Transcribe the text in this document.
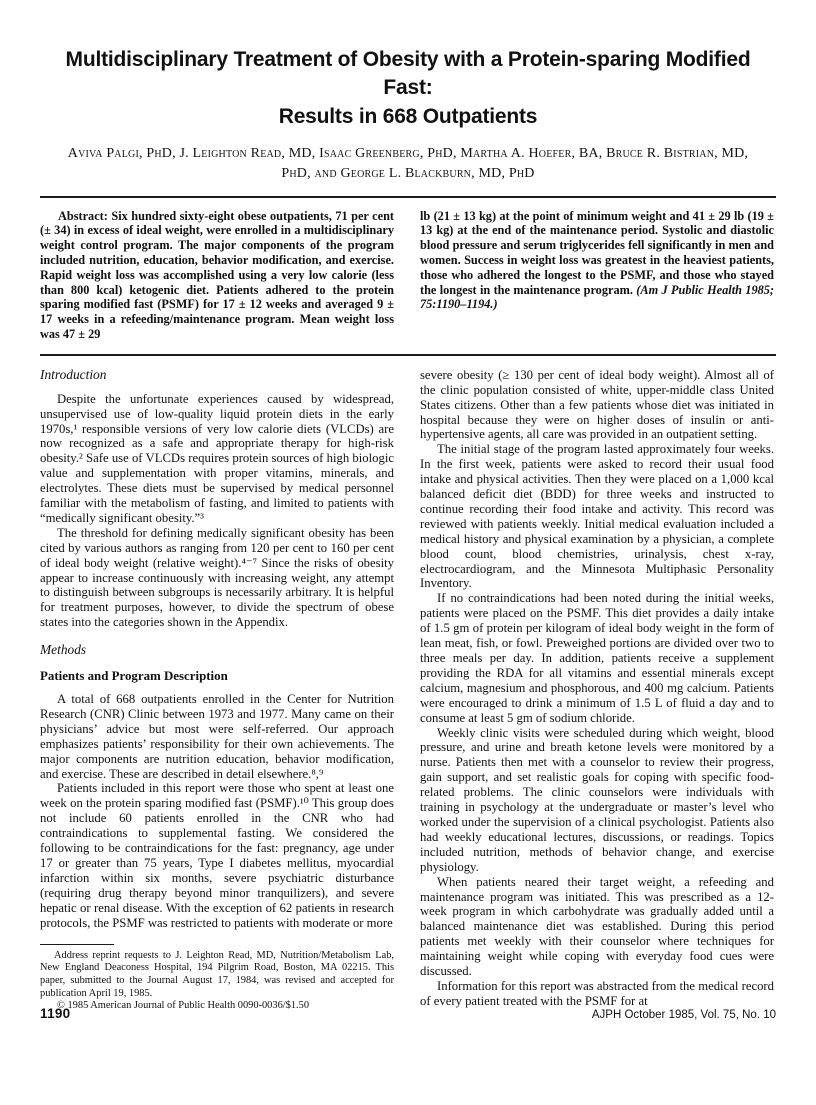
Multidisciplinary Treatment of Obesity with a Protein-sparing Modified Fast:
Results in 668 Outpatients
Aviva Palgi, PhD, J. Leighton Read, MD, Isaac Greenberg, PhD, Martha A. Hoefer, BA, Bruce R. Bistrian, MD, PhD, and George L. Blackburn, MD, PhD

Abstract: Six hundred sixty-eight obese outpatients, 71 per cent (± 34) in excess of ideal weight, were enrolled in a multidisciplinary weight control program. The major components of the program included nutrition, education, behavior modification, and exercise. Rapid weight loss was accomplished using a very low calorie (less than 800 kcal) ketogenic diet. Patients adhered to the protein sparing modified fast (PSMF) for 17 ± 12 weeks and averaged 9 ± 17 weeks in a refeeding/maintenance program. Mean weight loss was 47 ± 29

lb (21 ± 13 kg) at the point of minimum weight and 41 ± 29 lb (19 ± 13 kg) at the end of the maintenance period. Systolic and diastolic blood pressure and serum triglycerides fell significantly in men and women. Success in weight loss was greatest in the heaviest patients, those who adhered the longest to the PSMF, and those who stayed the longest in the maintenance program. (Am J Public Health 1985; 75:1190–1194.)

Introduction

Despite the unfortunate experiences caused by widespread, unsupervised use of low-quality liquid protein diets in the early 1970s,¹ responsible versions of very low calorie diets (VLCDs) are now recognized as a safe and appropriate therapy for high-risk obesity.² Safe use of VLCDs requires protein sources of high biologic value and supplementation with proper vitamins, minerals, and electrolytes. These diets must be supervised by medical personnel familiar with the metabolism of fasting, and limited to patients with “medically significant obesity.”³

The threshold for defining medically significant obesity has been cited by various authors as ranging from 120 per cent to 160 per cent of ideal body weight (relative weight).⁴⁻⁷ Since the risks of obesity appear to increase continuously with increasing weight, any attempt to distinguish between subgroups is necessarily arbitrary. It is helpful for treatment purposes, however, to divide the spectrum of obese states into the categories shown in the Appendix.

Methods
Patients and Program Description

A total of 668 outpatients enrolled in the Center for Nutrition Research (CNR) Clinic between 1973 and 1977. Many came on their physicians’ advice but most were self-referred. Our approach emphasizes patients’ responsibility for their own achievements. The major components are nutrition education, behavior modification, and exercise. These are described in detail elsewhere.⁸,⁹

Patients included in this report were those who spent at least one week on the protein sparing modified fast (PSMF).¹⁰ This group does not include 60 patients enrolled in the CNR who had contraindications to supplemental fasting. We considered the following to be contraindications for the fast: pregnancy, age under 17 or greater than 75 years, Type I diabetes mellitus, myocardial infarction within six months, severe psychiatric disturbance (requiring drug therapy beyond minor tranquilizers), and severe hepatic or renal disease. With the exception of 62 patients in research protocols, the PSMF was restricted to patients with moderate or more

Address reprint requests to J. Leighton Read, MD, Nutrition/Metabolism Lab, New England Deaconess Hospital, 194 Pilgrim Road, Boston, MA 02215. This paper, submitted to the Journal August 17, 1984, was revised and accepted for publication April 19, 1985.

© 1985 American Journal of Public Health 0090-0036/$1.50

severe obesity (≥ 130 per cent of ideal body weight). Almost all of the clinic population consisted of white, upper-middle class United States citizens. Other than a few patients whose diet was initiated in hospital because they were on higher doses of insulin or anti-hypertensive agents, all care was provided in an outpatient setting.

The initial stage of the program lasted approximately four weeks. In the first week, patients were asked to record their usual food intake and physical activities. Then they were placed on a 1,000 kcal balanced deficit diet (BDD) for three weeks and instructed to continue recording their food intake and activity. This record was reviewed with patients weekly. Initial medical evaluation included a medical history and physical examination by a physician, a complete blood count, blood chemistries, urinalysis, chest x-ray, electrocardiogram, and the Minnesota Multiphasic Personality Inventory.

If no contraindications had been noted during the initial weeks, patients were placed on the PSMF. This diet provides a daily intake of 1.5 gm of protein per kilogram of ideal body weight in the form of lean meat, fish, or fowl. Preweighed portions are divided over two to three meals per day. In addition, patients receive a supplement providing the RDA for all vitamins and essential minerals except calcium, magnesium and phosphorous, and 400 mg calcium. Patients were encouraged to drink a minimum of 1.5 L of fluid a day and to consume at least 5 gm of sodium chloride.

Weekly clinic visits were scheduled during which weight, blood pressure, and urine and breath ketone levels were monitored by a nurse. Patients then met with a counselor to review their progress, gain support, and set realistic goals for coping with specific food-related problems. The clinic counselors were individuals with training in psychology at the undergraduate or master’s level who worked under the supervision of a clinical psychologist. Patients also had weekly educational lectures, discussions, or readings. Topics included nutrition, methods of behavior change, and exercise physiology.

When patients neared their target weight, a refeeding and maintenance program was initiated. This was prescribed as a 12-week program in which carbohydrate was gradually added until a balanced maintenance diet was established. During this period patients met weekly with their counselor where techniques for maintaining weight while coping with everyday food cues were discussed.

Information for this report was abstracted from the medical record of every patient treated with the PSMF for at

1190	AJPH October 1985, Vol. 75, No. 10
